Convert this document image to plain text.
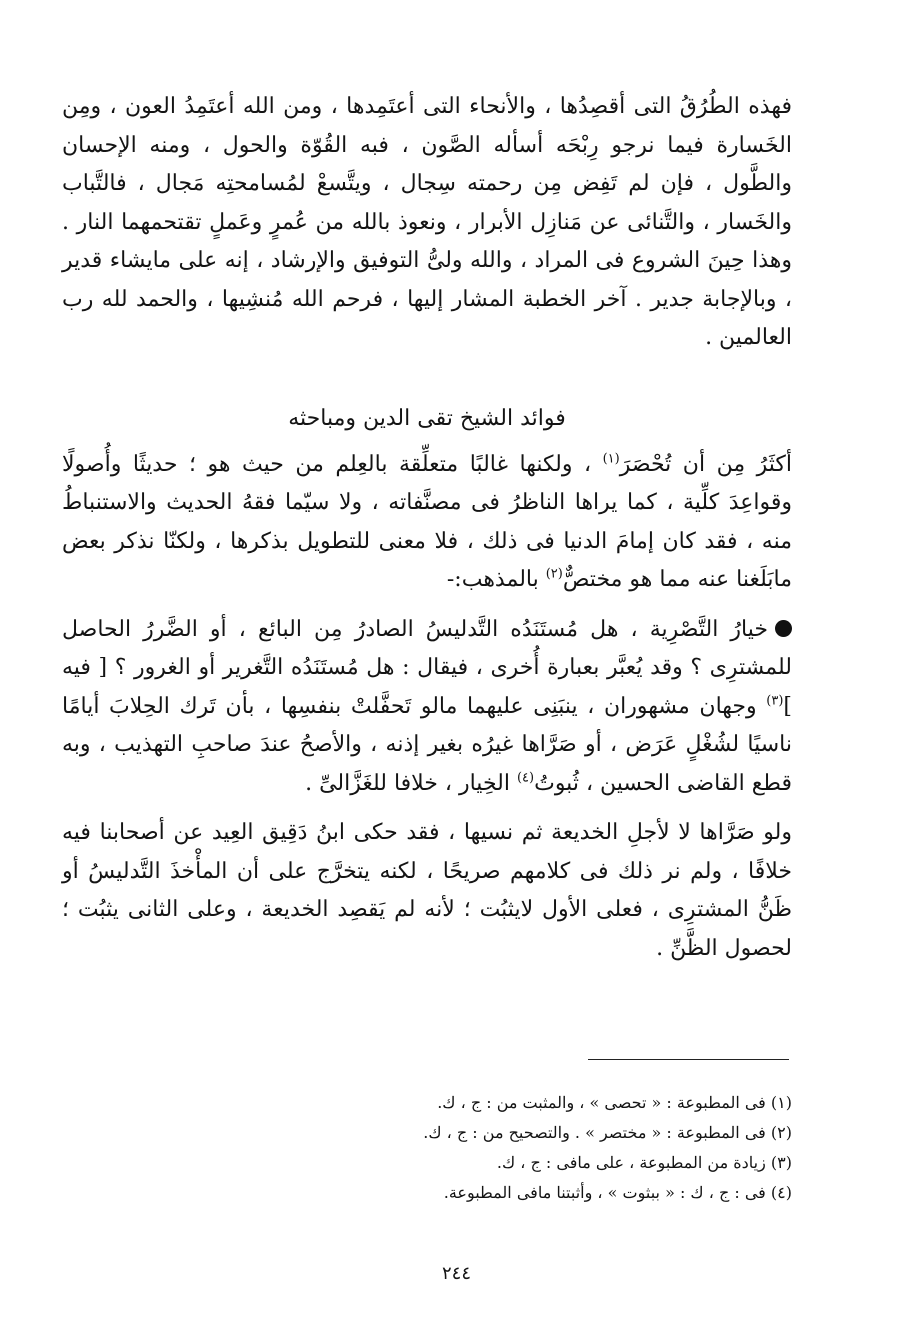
فهذه الطُرُقُ التى أقصِدُها ، والأنحاء التى أعتَمِدها ، ومن الله أعتَمِدُ العون ، ومِن الخَسارة فيما نرجو رِبْحَه أسأله الصَّون ، فبه القُوّة والحول ، ومنه الإحسان والطَّول ، فإن لم تَفِض مِن رحمته سِجال ، ويتَّسعْ لمُسامحتِه مَجال ، فالتَّباب والخَسار ، والتَّنائى عن مَنازِل الأبرار ، ونعوذ بالله من عُمرٍ وعَملٍ تقتحمهما النار . وهذا حِينَ الشروع فى المراد ، والله ولىُّ التوفيق والإرشاد ، إنه على مايشاء قدير ، وبالإجابة جدير . آخر الخطبة المشار إليها ، فرحم الله مُنشِيها ، والحمد لله رب العالمين .

فوائد الشيخ تقى الدين ومباحثه

أكثَرُ مِن أن تُحْصَرَ$^{(١)}$ ، ولكنها غالبًا متعلِّقة بالعِلم من حيث هو ؛ حديثًا وأُصولًا وقواعِدَ كلِّية ، كما يراها الناظرُ فى مصنَّفاته ، ولا سيّما فقهُ الحديث والاستنباطُ منه ، فقد كان إمامَ الدنيا فى ذلك ، فلا معنى للتطويل بذكرها ، ولكنّا نذكر بعض مابَلَغنا عنه مما هو مختصٌّ$^{(٢)}$ بالمذهب:-

خيارُ التَّصْرِية ، هل مُستَنَدُه التَّدليسُ الصادرُ مِن البائع ، أو الضَّررُ الحاصل للمشترِى ؟ وقد يُعبَّر بعبارة أُخرى ، فيقال : هل مُستَنَدُه التَّغرير أو الغرور ؟ [ فيه ]$^{(٣)}$ وجهان مشهوران ، ينبَنِى عليهما مالو تَحفَّلتْ بنفسِها ، بأن تَرك الحِلابَ أيامًا ناسيًا لشُغْلٍ عَرَض ، أو صَرَّاها غيرُه بغير إذنه ، والأصحُ عندَ صاحبِ التهذيب ، وبه قطع القاضى الحسين ، ثُبوتُ$^{(٤)}$ الخِيار ، خلافا للغَزَّالىِّ .

ولو صَرَّاها لا لأجلِ الخديعة ثم نسيها ، فقد حكى ابنُ دَقِيق العِيد عن أصحابنا فيه خلافًا ، ولم نر ذلك فى كلامهم صريحًا ، لكنه يتخرَّج على أن المأْخذَ التَّدليسُ أو ظَنُّ المشترِى ، فعلى الأول لايثبُت ؛ لأنه لم يَقصِد الخديعة ، وعلى الثانى يثبُت ؛ لحصول الظَّنِّ .

(١) فى المطبوعة : « تحصى » ، والمثبت من : ج ، ك.

(٢) فى المطبوعة : « مختصر » . والتصحيح من : ج ، ك.

(٣) زيادة من المطبوعة ، على مافى : ج ، ك.

(٤) فى : ج ، ك : « ببثوت » ، وأثبتنا مافى المطبوعة.

٢٤٤
